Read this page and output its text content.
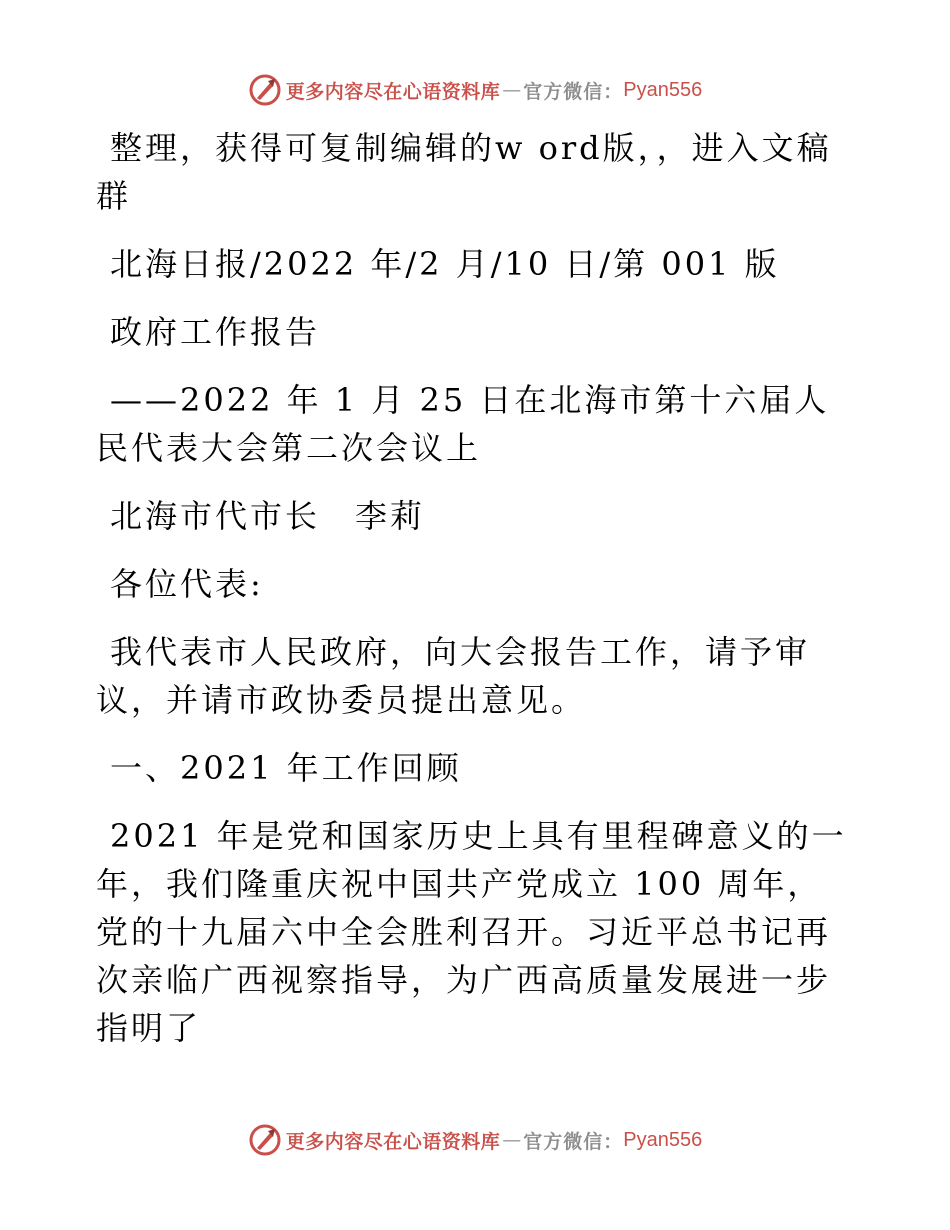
更多内容尽在心语资料库 — 官方微信： Pyan556

整理，获得可复制编辑的w ord版，，进入文稿群

北海日报/2022 年/2 月/10 日/第 001 版

政府工作报告

——2022 年 1 月 25 日在北海市第十六届人民代表大会第二次会议上

北海市代市长　李莉

各位代表:

我代表市人民政府，向大会报告工作，请予审议，并请市政协委员提出意见。

一、2021 年工作回顾

2021 年是党和国家历史上具有里程碑意义的一年，我们隆重庆祝中国共产党成立 100 周年，党的十九届六中全会胜利召开。习近平总书记再次亲临广西视察指导，为广西高质量发展进一步指明了

更多内容尽在心语资料库 — 官方微信： Pyan556
